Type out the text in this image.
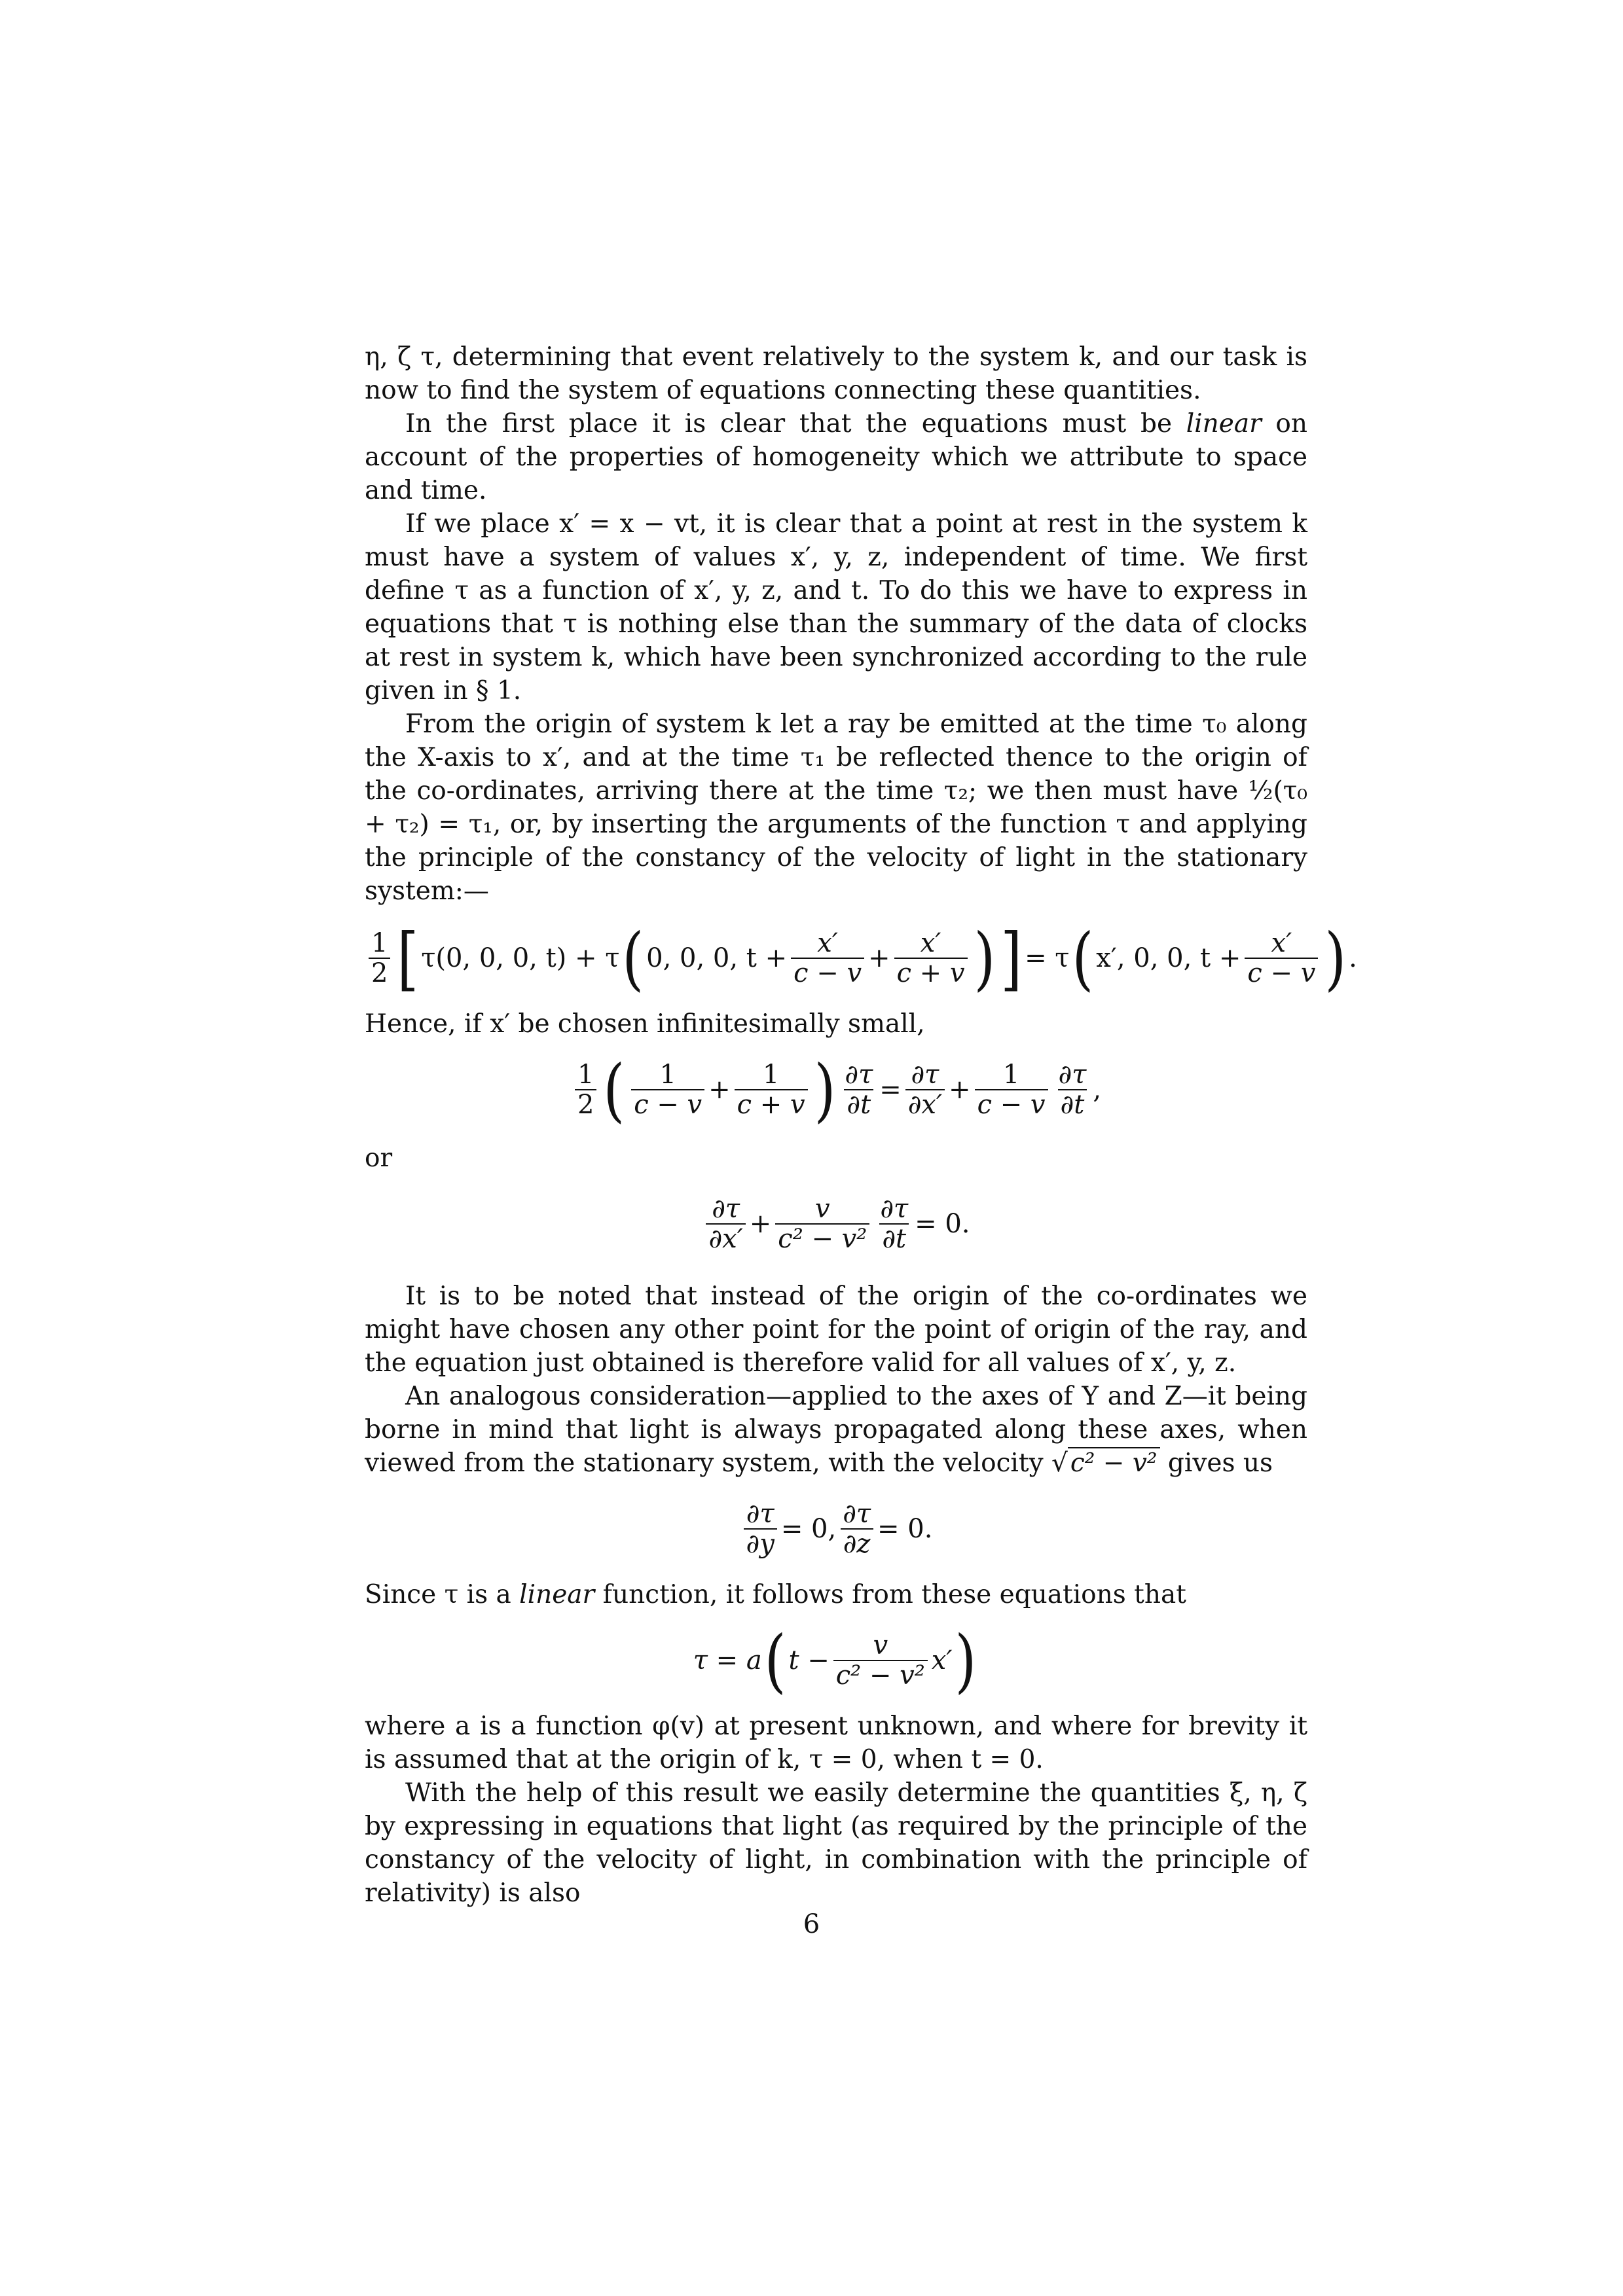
η, ζ τ, determining that event relatively to the system k, and our task is now to find the system of equations connecting these quantities.

In the first place it is clear that the equations must be linear on account of the properties of homogeneity which we attribute to space and time.

If we place x′ = x − vt, it is clear that a point at rest in the system k must have a system of values x′, y, z, independent of time. We first define τ as a function of x′, y, z, and t. To do this we have to express in equations that τ is nothing else than the summary of the data of clocks at rest in system k, which have been synchronized according to the rule given in § 1.

From the origin of system k let a ray be emitted at the time τ₀ along the X-axis to x′, and at the time τ₁ be reflected thence to the origin of the co-ordinates, arriving there at the time τ₂; we then must have ½(τ₀ + τ₂) = τ₁, or, by inserting the arguments of the function τ and applying the principle of the constancy of the velocity of light in the stationary system:—

$\frac{1}{2}$ [ τ(0, 0, 0, t) + τ ( 0, 0, 0, $t + \frac{x'}{c - v} + \frac{x'}{c + v}$ ) ] = τ ( x′, 0, 0, $t + \frac{x'}{c - v}$ ) .

Hence, if x′ be chosen infinitesimally small,

$\frac{1}{2}$ ( $\frac{1}{c - v} + \frac{1}{c + v}$ ) $\frac{\partial\tau}{\partial t} = \frac{\partial\tau}{\partial x'} + \frac{1}{c - v} \frac{\partial\tau}{\partial t}$ ,

or

$\frac{\partial\tau}{\partial x'} + \frac{v}{\text{c² − v²}} \frac{\partial\tau}{\partial t} = 0$.

It is to be noted that instead of the origin of the co-ordinates we might have chosen any other point for the point of origin of the ray, and the equation just obtained is therefore valid for all values of x′, y, z.

An analogous consideration—applied to the axes of Y and Z—it being borne in mind that light is always propagated along these axes, when viewed from the stationary system, with the velocity √ c² − v² gives us

$\frac{\partial\tau}{\partial y} = 0$, $\frac{\partial\tau}{\partial z} = 0$.

Since τ is a linear function, it follows from these equations that

τ = a ( $t - \frac{v}{\text{c² − v²}} x'$ )

where a is a function φ(v) at present unknown, and where for brevity it is assumed that at the origin of k, τ = 0, when t = 0.

With the help of this result we easily determine the quantities ξ, η, ζ by expressing in equations that light (as required by the principle of the constancy of the velocity of light, in combination with the principle of relativity) is also

6
